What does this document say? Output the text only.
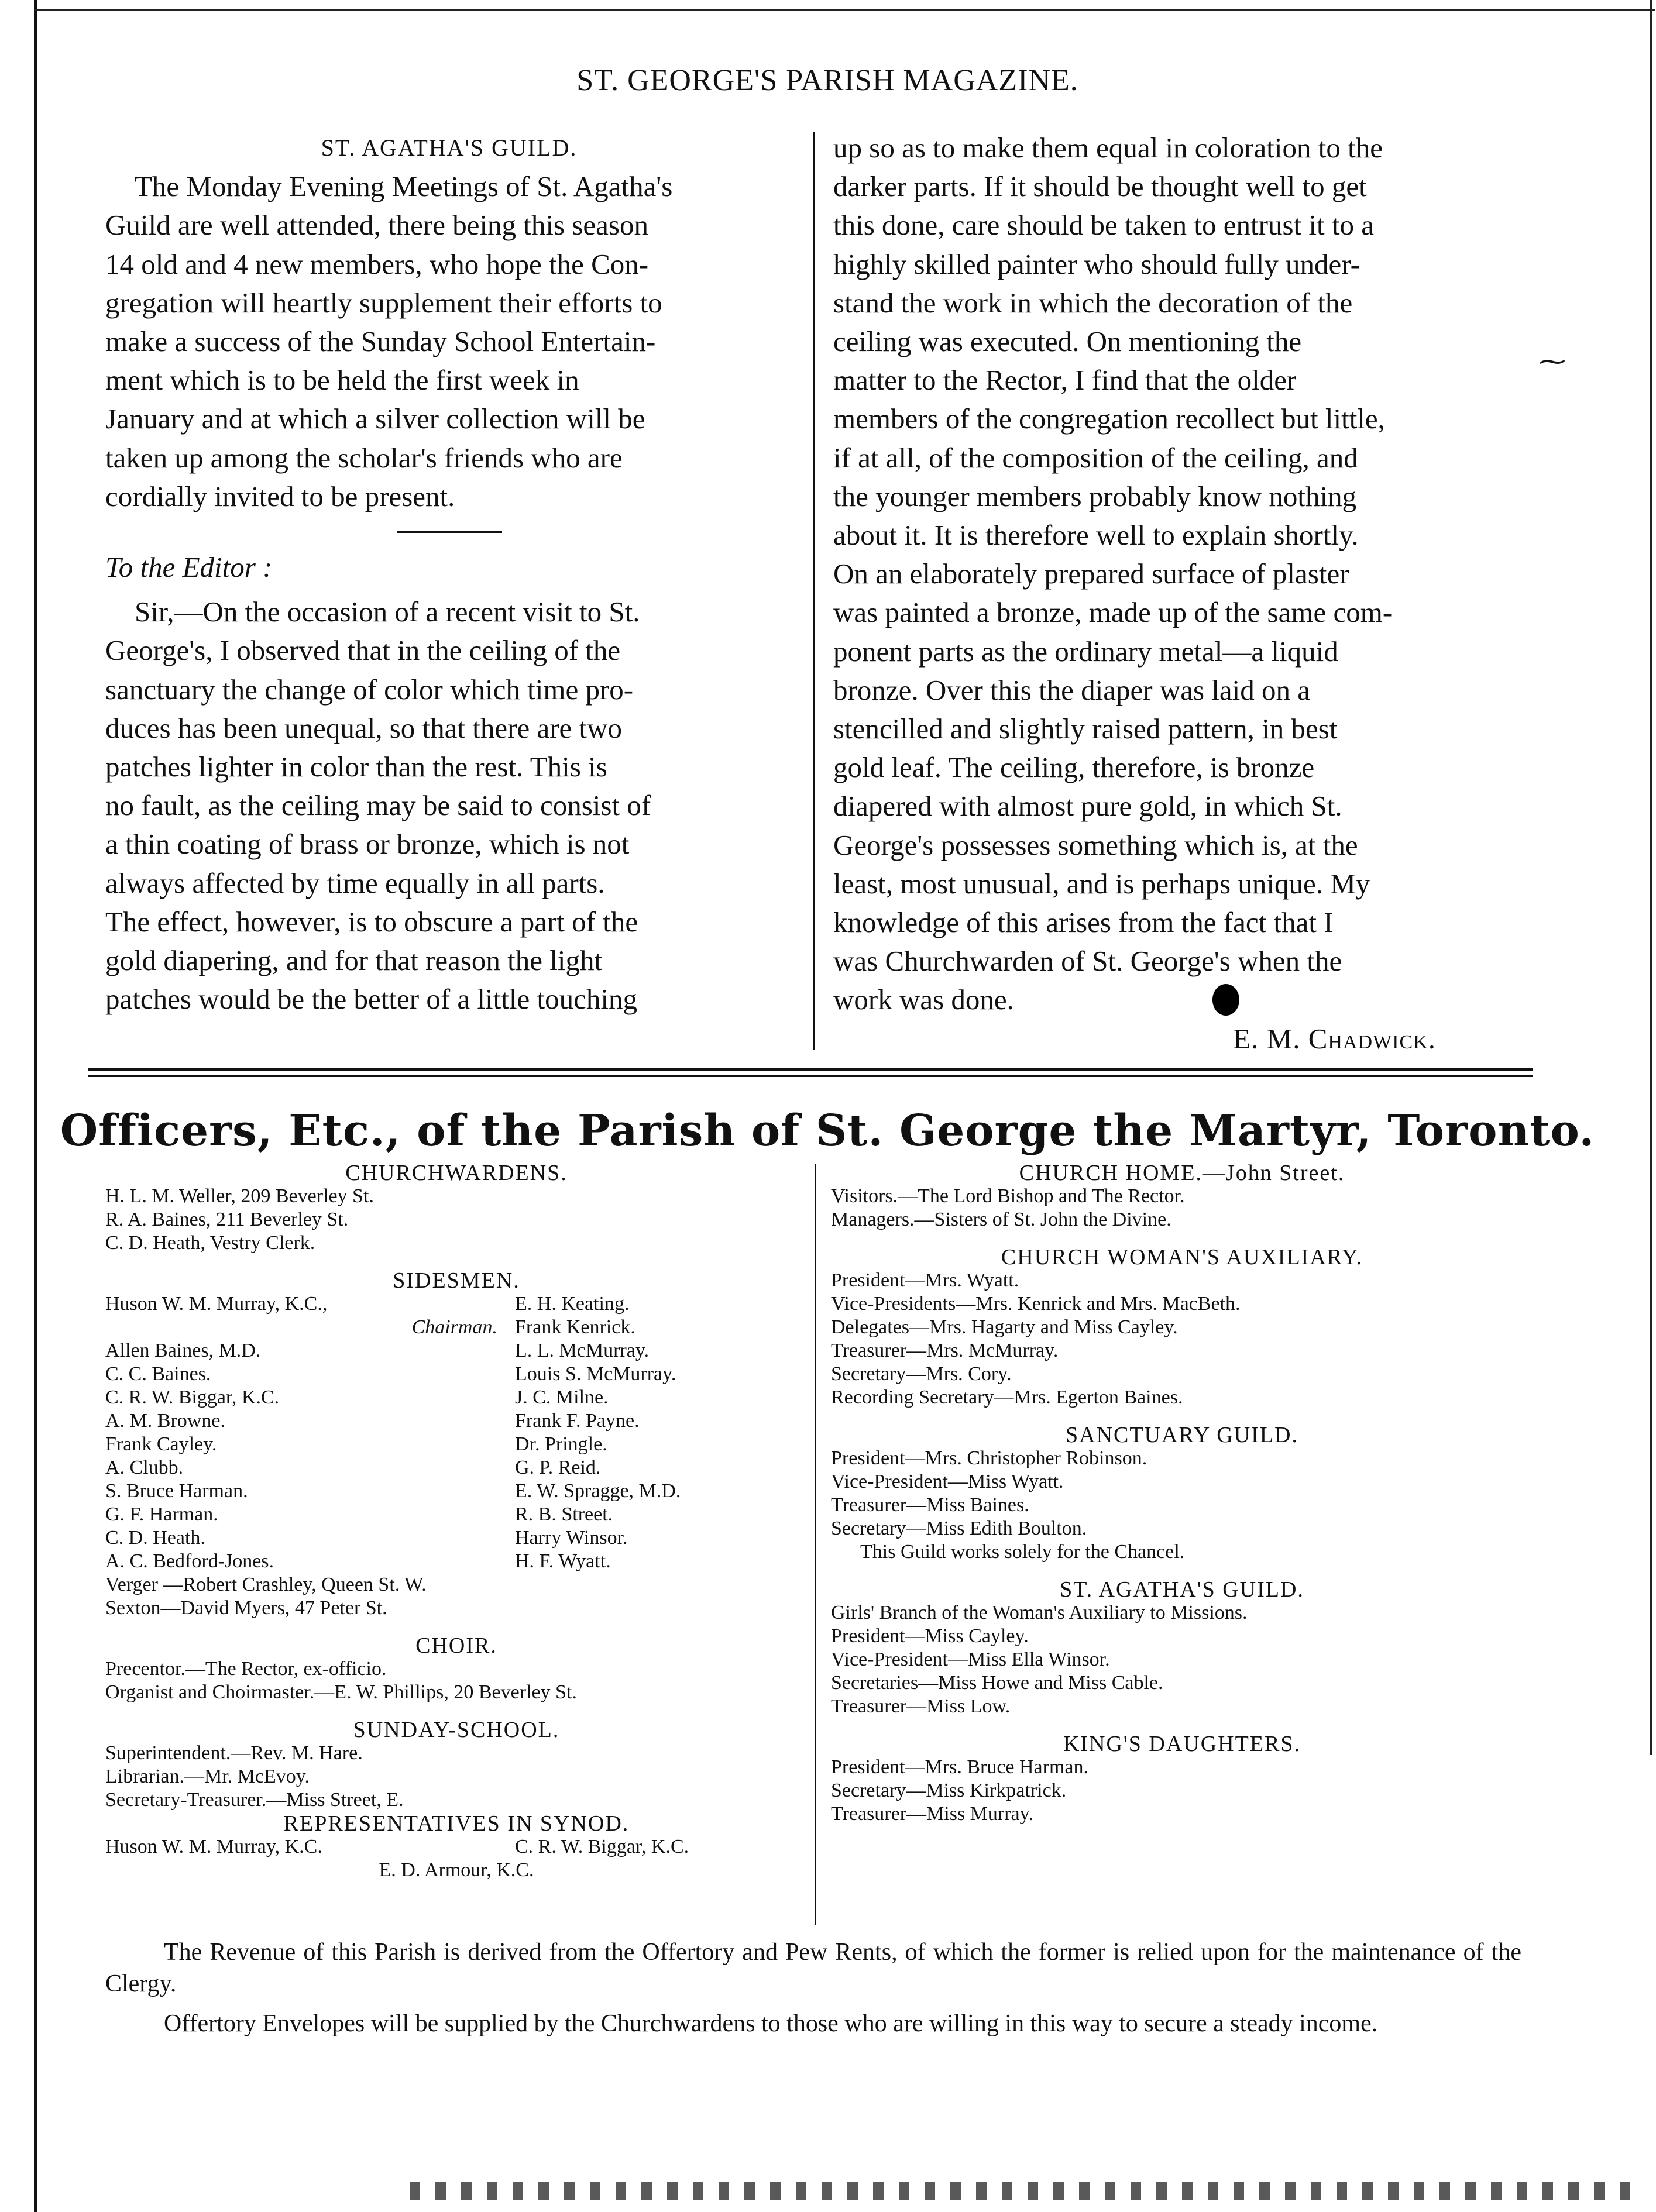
ST. GEORGE'S PARISH MAGAZINE.
ST. AGATHA'S GUILD.

The Monday Evening Meetings of St. Agatha's

Guild are well attended, there being this season

14 old and 4 new members, who hope the Con-

gregation will heartly supplement their efforts to

make a success of the Sunday School Entertain-

ment which is to be held the first week in

January and at which a silver collection will be

taken up among the scholar's friends who are

cordially invited to be present.

To the Editor :

Sir,—On the occasion of a recent visit to St.

George's, I observed that in the ceiling of the

sanctuary the change of color which time pro-

duces has been unequal, so that there are two

patches lighter in color than the rest. This is

no fault, as the ceiling may be said to consist of

a thin coating of brass or bronze, which is not

always affected by time equally in all parts.

The effect, however, is to obscure a part of the

gold diapering, and for that reason the light

patches would be the better of a little touching

up so as to make them equal in coloration to the

darker parts. If it should be thought well to get

this done, care should be taken to entrust it to a

highly skilled painter who should fully under-

stand the work in which the decoration of the

ceiling was executed. On mentioning the

matter to the Rector, I find that the older

members of the congregation recollect but little,

if at all, of the composition of the ceiling, and

the younger members probably know nothing

about it. It is therefore well to explain shortly.

On an elaborately prepared surface of plaster

was painted a bronze, made up of the same com-

ponent parts as the ordinary metal—a liquid

bronze. Over this the diaper was laid on a

stencilled and slightly raised pattern, in best

gold leaf. The ceiling, therefore, is bronze

diapered with almost pure gold, in which St.

George's possesses something which is, at the

least, most unusual, and is perhaps unique. My

knowledge of this arises from the fact that I

was Churchwarden of St. George's when the

work was done.

E. M. Chadwick.

⁓
Officers, Etc., of the Parish of St. George the Martyr, Toronto.
CHURCHWARDENS.
H. L. M. Weller, 209 Beverley St.
R. A. Baines, 211 Beverley St.
C. D. Heath, Vestry Clerk.
SIDESMEN.
Huson W. M. Murray, K.C.,	E. H. Keating.
Chairman. Frank Kenrick.
Allen Baines, M.D.	L. L. McMurray.
C. C. Baines.	Louis S. McMurray.
C. R. W. Biggar, K.C.	J. C. Milne.
A. M. Browne.	Frank F. Payne.
Frank Cayley.	Dr. Pringle.
A. Clubb.	G. P. Reid.
S. Bruce Harman.	E. W. Spragge, M.D.
G. F. Harman.	R. B. Street.
C. D. Heath.	Harry Winsor.
A. C. Bedford-Jones.	H. F. Wyatt.
Verger —Robert Crashley, Queen St. W.
Sexton—David Myers, 47 Peter St.
CHOIR.
Precentor.—The Rector, ex-officio.
Organist and Choirmaster.—E. W. Phillips, 20 Beverley St.
SUNDAY-SCHOOL.
Superintendent.—Rev. M. Hare.
Librarian.—Mr. McEvoy.
Secretary-Treasurer.—Miss Street, E.
REPRESENTATIVES IN SYNOD.
Huson W. M. Murray, K.C.	C. R. W. Biggar, K.C.
E. D. Armour, K.C.
CHURCH HOME.—John Street.
Visitors.—The Lord Bishop and The Rector.
Managers.—Sisters of St. John the Divine.
CHURCH WOMAN'S AUXILIARY.
President—Mrs. Wyatt.
Vice-Presidents—Mrs. Kenrick and Mrs. MacBeth.
Delegates—Mrs. Hagarty and Miss Cayley.
Treasurer—Mrs. McMurray.
Secretary—Mrs. Cory.
Recording Secretary—Mrs. Egerton Baines.
SANCTUARY GUILD.
President—Mrs. Christopher Robinson.
Vice-President—Miss Wyatt.
Treasurer—Miss Baines.
Secretary—Miss Edith Boulton.
This Guild works solely for the Chancel.
ST. AGATHA'S GUILD.
Girls' Branch of the Woman's Auxiliary to Missions.
President—Miss Cayley.
Vice-President—Miss Ella Winsor.
Secretaries—Miss Howe and Miss Cable.
Treasurer—Miss Low.
KING'S DAUGHTERS.
President—Mrs. Bruce Harman.
Secretary—Miss Kirkpatrick.
Treasurer—Miss Murray.

The Revenue of this Parish is derived from the Offertory and Pew Rents, of which the former is relied upon for the maintenance of the Clergy.

Offertory Envelopes will be supplied by the Churchwardens to those who are willing in this way to secure a steady income.
